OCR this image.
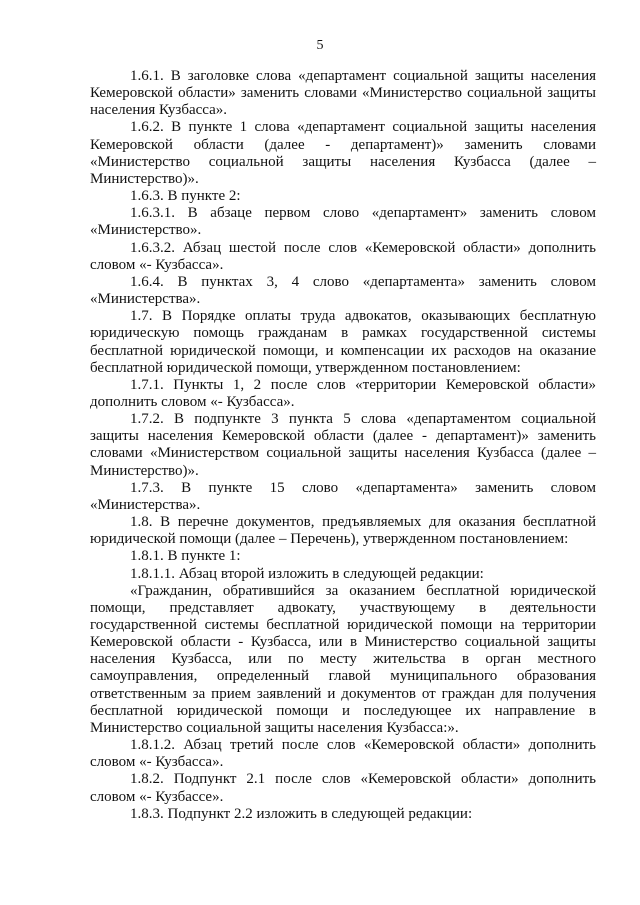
5

1.6.1. В заголовке слова «департамент социальной защиты населения Кемеровской области» заменить словами «Министерство социальной защиты населения Кузбасса».

1.6.2. В пункте 1 слова «департамент социальной защиты населения Кемеровской области (далее - департамент)» заменить словами «Министерство социальной защиты населения Кузбасса (далее – Министерство)».

1.6.3. В пункте 2:

1.6.3.1. В абзаце первом слово «департамент» заменить словом «Министерство».

1.6.3.2. Абзац шестой после слов «Кемеровской области» дополнить словом «- Кузбасса».

1.6.4. В пунктах 3, 4 слово «департамента» заменить словом «Министерства».

1.7. В Порядке оплаты труда адвокатов, оказывающих бесплатную юридическую помощь гражданам в рамках государственной системы бесплатной юридической помощи, и компенсации их расходов на оказание бесплатной юридической помощи, утвержденном постановлением:

1.7.1. Пункты 1, 2 после слов «территории Кемеровской области» дополнить словом «- Кузбасса».

1.7.2. В подпункте 3 пункта 5 слова «департаментом социальной защиты населения Кемеровской области (далее - департамент)» заменить словами «Министерством социальной защиты населения Кузбасса (далее – Министерство)».

1.7.3. В пункте 15 слово «департамента» заменить словом «Министерства».

1.8. В перечне документов, предъявляемых для оказания бесплатной юридической помощи (далее – Перечень), утвержденном постановлением:

1.8.1. В пункте 1:

1.8.1.1. Абзац второй изложить в следующей редакции:

«Гражданин, обратившийся за оказанием бесплатной юридической помощи, представляет адвокату, участвующему в деятельности государственной системы бесплатной юридической помощи на территории Кемеровской области - Кузбасса, или в Министерство социальной защиты населения Кузбасса, или по месту жительства в орган местного самоуправления, определенный главой муниципального образования ответственным за прием заявлений и документов от граждан для получения бесплатной юридической помощи и последующее их направление в Министерство социальной защиты населения Кузбасса:».

1.8.1.2. Абзац третий после слов «Кемеровской области» дополнить словом «- Кузбасса».

1.8.2. Подпункт 2.1 после слов «Кемеровской области» дополнить словом «- Кузбассе».

1.8.3. Подпункт 2.2 изложить в следующей редакции:
